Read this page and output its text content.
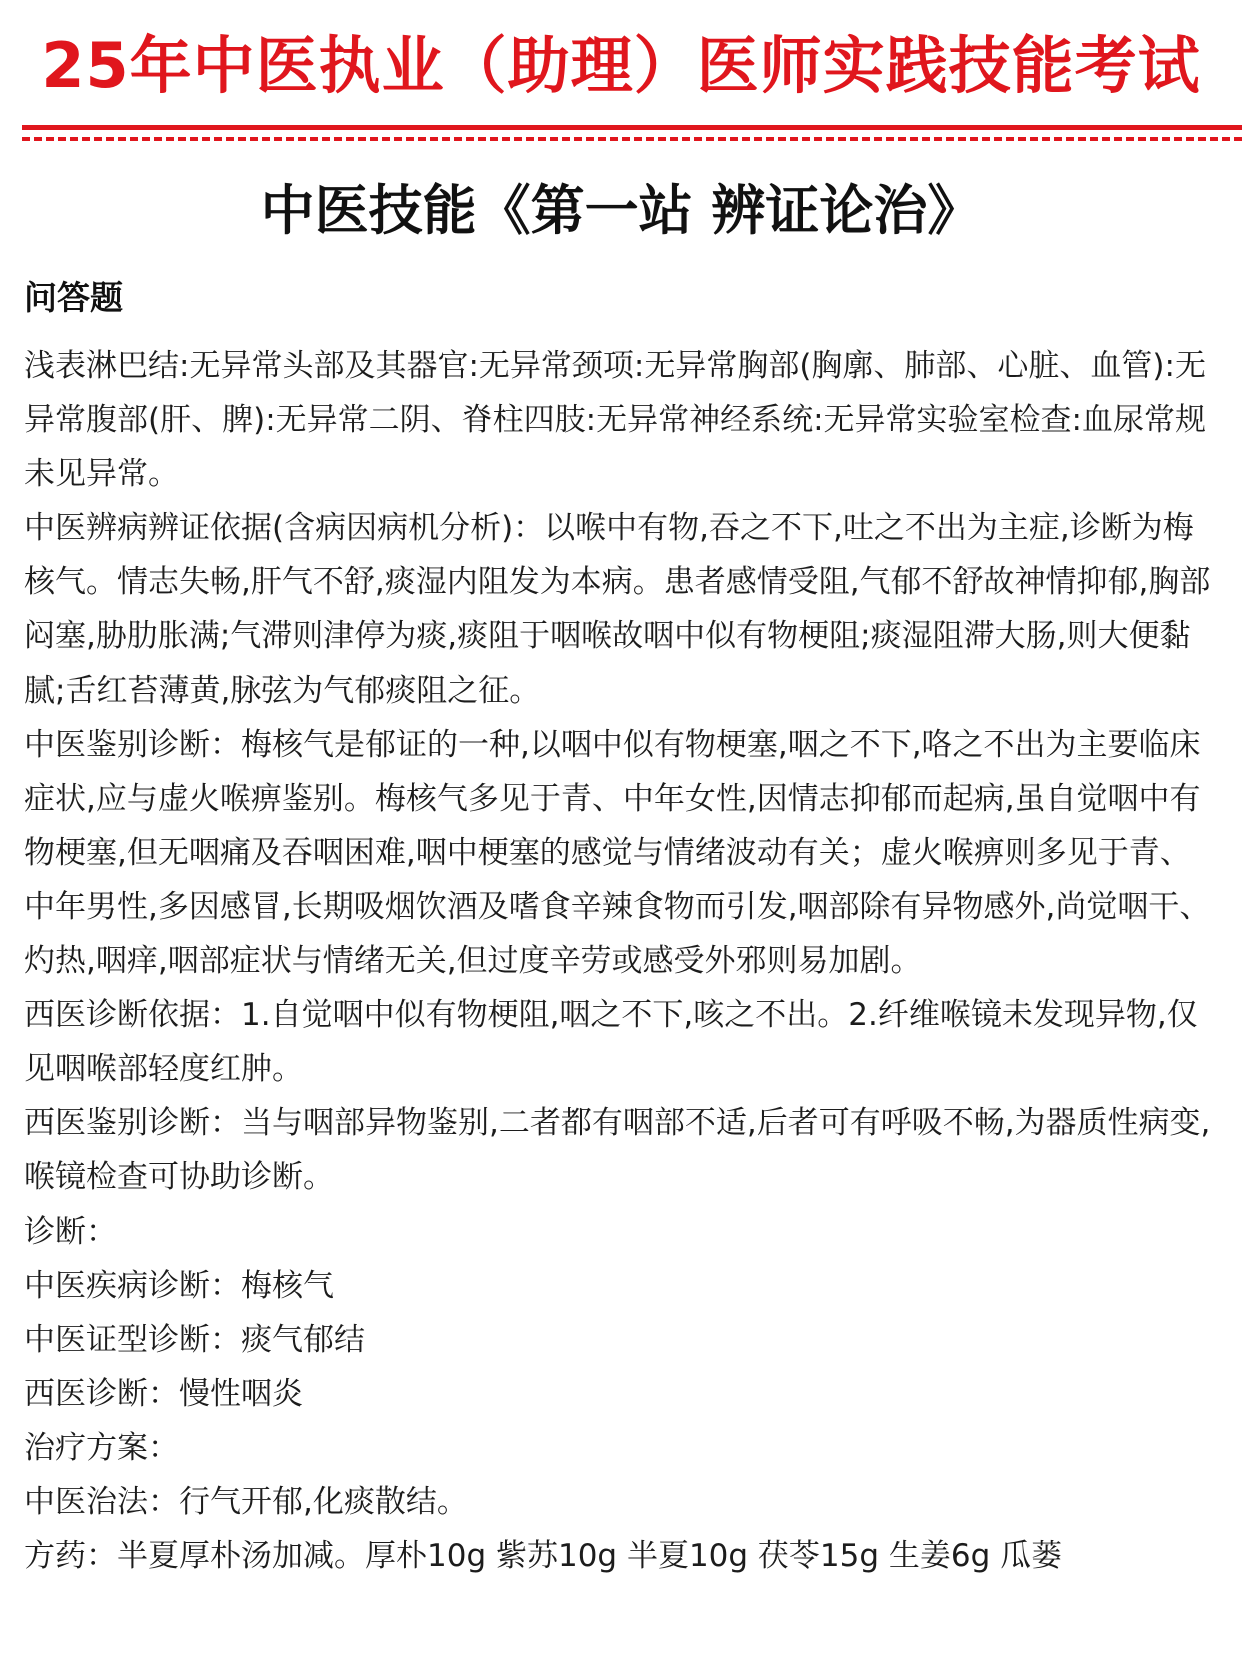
25年中医执业（助理）医师实践技能考试
中医技能《第一站 辨证论治》
问答题

浅表淋巴结:无异常头部及其器官:无异常颈项:无异常胸部(胸廓、肺部、心脏、血管):无异常腹部(肝、脾):无异常二阴、脊柱四肢:无异常神经系统:无异常实验室检查:血尿常规未见异常。

中医辨病辨证依据(含病因病机分析)：以喉中有物,吞之不下,吐之不出为主症,诊断为梅核气。情志失畅,肝气不舒,痰湿内阻发为本病。患者感情受阻,气郁不舒故神情抑郁,胸部闷塞,胁肋胀满;气滞则津停为痰,痰阻于咽喉故咽中似有物梗阻;痰湿阻滞大肠,则大便黏腻;舌红苔薄黄,脉弦为气郁痰阻之征。

中医鉴别诊断：梅核气是郁证的一种,以咽中似有物梗塞,咽之不下,咯之不出为主要临床症状,应与虚火喉痹鉴别。梅核气多见于青、中年女性,因情志抑郁而起病,虽自觉咽中有物梗塞,但无咽痛及吞咽困难,咽中梗塞的感觉与情绪波动有关；虚火喉痹则多见于青、中年男性,多因感冒,长期吸烟饮酒及嗜食辛辣食物而引发,咽部除有异物感外,尚觉咽干、灼热,咽痒,咽部症状与情绪无关,但过度辛劳或感受外邪则易加剧。

西医诊断依据：1.自觉咽中似有物梗阻,咽之不下,咳之不出。2.纤维喉镜未发现异物,仅见咽喉部轻度红肿。

西医鉴别诊断：当与咽部异物鉴别,二者都有咽部不适,后者可有呼吸不畅,为器质性病变,喉镜检查可协助诊断。

诊断：

中医疾病诊断：梅核气

中医证型诊断：痰气郁结

西医诊断：慢性咽炎

治疗方案：

中医治法：行气开郁,化痰散结。

方药：半夏厚朴汤加减。厚朴10g 紫苏10g 半夏10g 茯苓15g 生姜6g 瓜蒌
